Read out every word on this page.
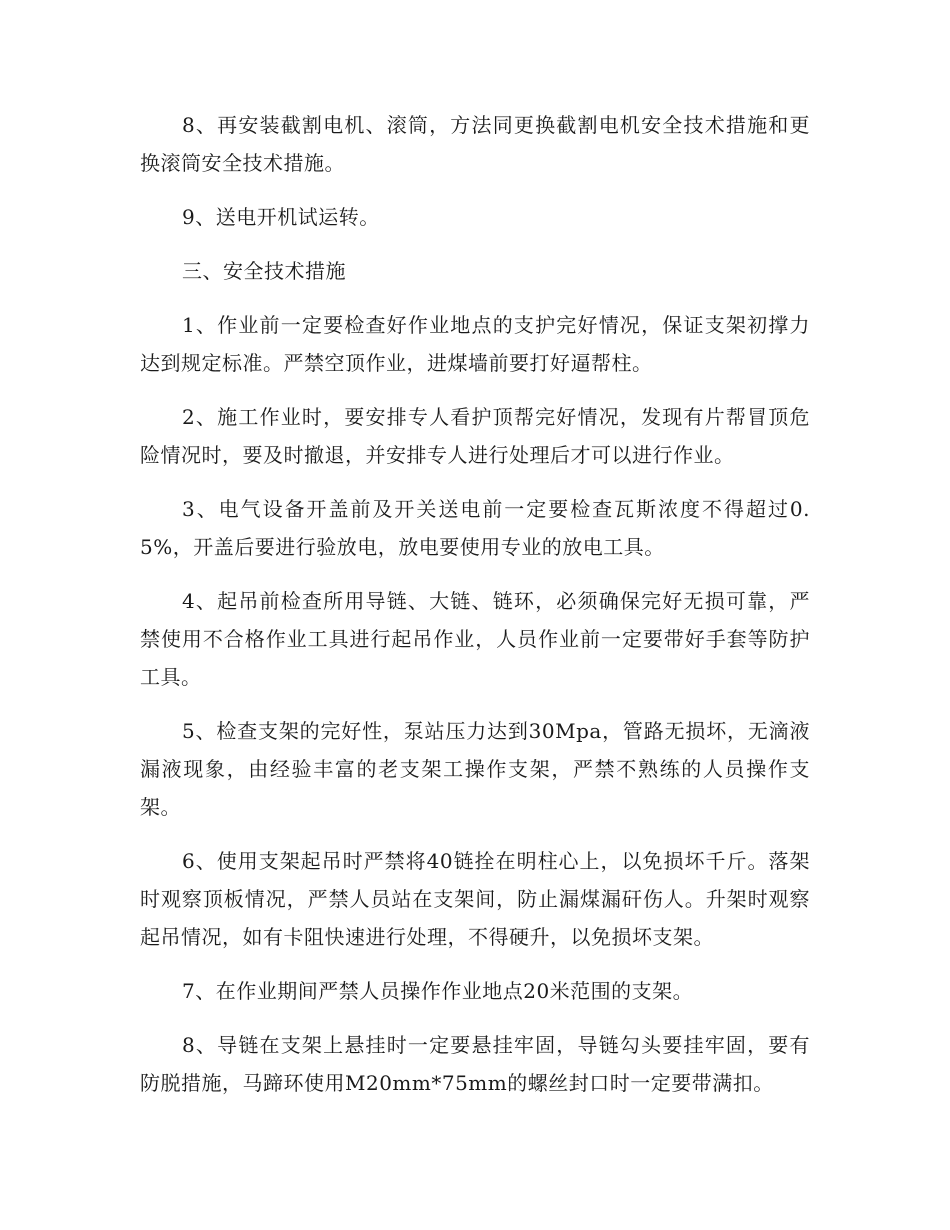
8、再安装截割电机、滚筒，方法同更换截割电机安全技术措施和更换滚筒安全技术措施。

9、送电开机试运转。

三、安全技术措施

1、作业前一定要检查好作业地点的支护完好情况，保证支架初撑力达到规定标准。严禁空顶作业，进煤墙前要打好逼帮柱。

2、施工作业时，要安排专人看护顶帮完好情况，发现有片帮冒顶危险情况时，要及时撤退，并安排专人进行处理后才可以进行作业。

3、电气设备开盖前及开关送电前一定要检查瓦斯浓度不得超过0.5%，开盖后要进行验放电，放电要使用专业的放电工具。

4、起吊前检查所用导链、大链、链环，必须确保完好无损可靠，严禁使用不合格作业工具进行起吊作业，人员作业前一定要带好手套等防护工具。

5、检查支架的完好性，泵站压力达到30Mpa，管路无损坏，无滴液漏液现象，由经验丰富的老支架工操作支架，严禁不熟练的人员操作支架。

6、使用支架起吊时严禁将40链拴在明柱心上，以免损坏千斤。落架时观察顶板情况，严禁人员站在支架间，防止漏煤漏矸伤人。升架时观察起吊情况，如有卡阻快速进行处理，不得硬升，以免损坏支架。

7、在作业期间严禁人员操作作业地点20米范围的支架。

8、导链在支架上悬挂时一定要悬挂牢固，导链勾头要挂牢固，要有防脱措施，马蹄环使用M20mm*75mm的螺丝封口时一定要带满扣。
